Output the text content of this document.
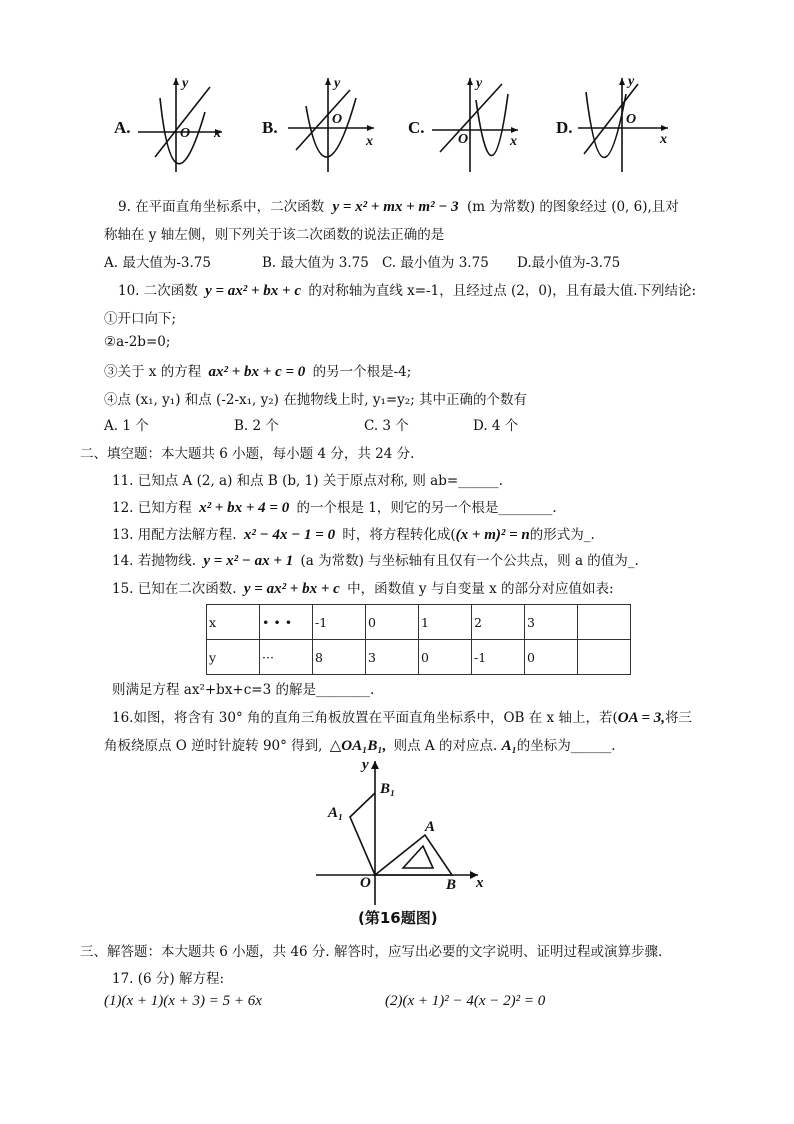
A.
y
x
O	B.
y
x
O	C.
y
x
O
D.
y
x
O
9. 在平面直角坐标系中，二次函数 y = x² + mx + m² − 3 (m 为常数) 的图象经过 (0, 6),且对
称轴在 y 轴左侧，则下列关于该二次函数的说法正确的是
A. 最大值为-3.75	B. 最大值为 3.75 C. 最小值为 3.75 D.最小值为-3.75
10. 二次函数 y = ax² + bx + c 的对称轴为直线 x=-1，且经过点 (2，0)，且有最大值.下列结论:
①开口向下;
②a-2b=0;
③关于 x 的方程 ax² + bx + c = 0 的另一个根是-4;
④点 (x₁, y₁) 和点 (-2-x₁, y₂) 在抛物线上时, y₁=y₂; 其中正确的个数有
A. 1 个	B. 2 个	C. 3 个	D. 4 个
二、填空题：本大题共 6 小题，每小题 4 分，共 24 分.
11. 已知点 A (2, a) 和点 B (b, 1) 关于原点对称, 则 ab=______.
12. 已知方程 x² + bx + 4 = 0 的一个根是 1，则它的另一个根是________.
13. 用配方法解方程. x² − 4x − 1 = 0 时，将方程转化成((x + m)² = n的形式为_.
14. 若抛物线. y = x² − ax + 1 (a 为常数) 与坐标轴有且仅有一个公共点，则 a 的值为_.
15. 已知在二次函数. y = ax² + bx + c 中，函数值 y 与自变量 x 的部分对应值如表:
x	• • •	-1	0	1	2	3	
y	···	8	3	0	-1	0	
则满足方程 ax²+bx+c=3 的解是________.
16.如图，将含有 30° 角的直角三角板放置在平面直角坐标系中，OB 在 x 轴上，若(OA = 3,将三
角板绕原点 O 逆时针旋转 90° 得到, △OA₁B₁, 则点 A 的对应点. A₁的坐标为______.
y
x
O
A
B
A₁
B₁
(第16题图)
三、解答题：本大题共 6 小题，共 46 分. 解答时，应写出必要的文字说明、证明过程或演算步骤.
17. (6 分) 解方程:
(1)(x + 1)(x + 3) = 5 + 6x	(2)(x + 1)² − 4(x − 2)² = 0
